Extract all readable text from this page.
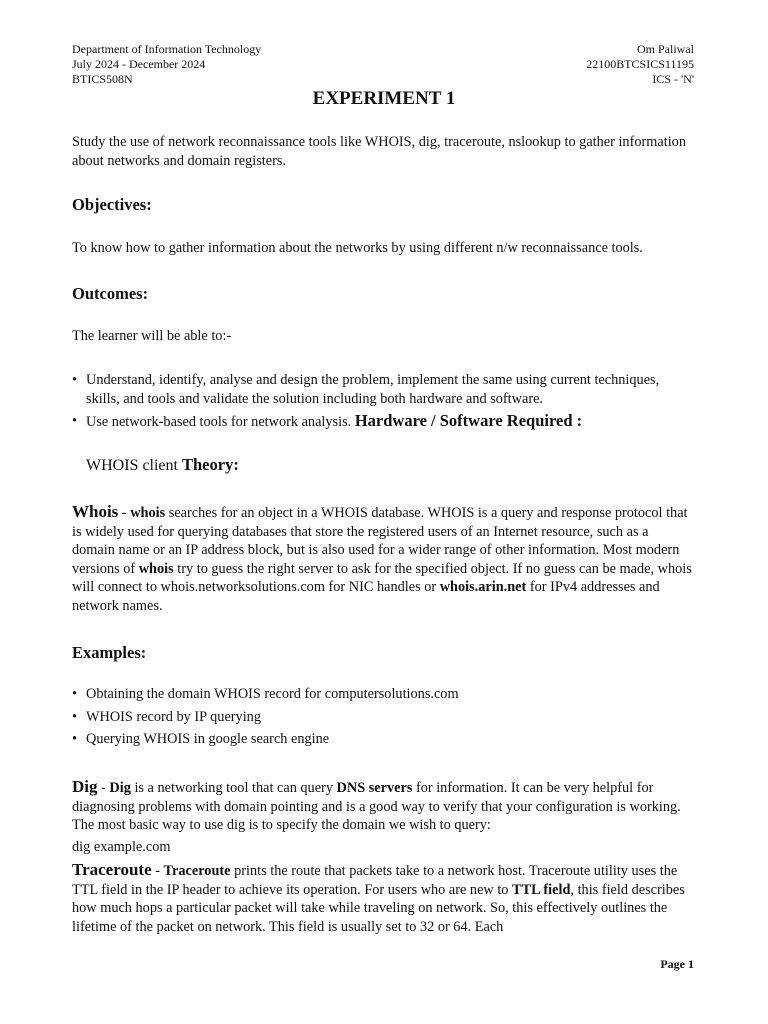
Department of Information Technology
July 2024 - December 2024
BTICS508N
Om Paliwal
22100BTCSICS11195
ICS - 'N'
EXPERIMENT 1
Study the use of network reconnaissance tools like WHOIS, dig, traceroute, nslookup to gather information about networks and domain registers.
Objectives:
To know how to gather information about the networks by using different n/w reconnaissance tools.
Outcomes:
The learner will be able to:-
• Understand, identify, analyse and design the problem, implement the same using current techniques, skills, and tools and validate the solution including both hardware and software.
• Use network-based tools for network analysis. Hardware / Software Required :
WHOIS client Theory:
Whois - whois searches for an object in a WHOIS database. WHOIS is a query and response protocol that is widely used for querying databases that store the registered users of an Internet resource, such as a domain name or an IP address block, but is also used for a wider range of other information. Most modern versions of whois try to guess the right server to ask for the specified object. If no guess can be made, whois will connect to whois.networksolutions.com for NIC handles or whois.arin.net for IPv4 addresses and network names.
Examples:
• Obtaining the domain WHOIS record for computersolutions.com
• WHOIS record by IP querying
• Querying WHOIS in google search engine
Dig - Dig is a networking tool that can query DNS servers for information. It can be very helpful for diagnosing problems with domain pointing and is a good way to verify that your configuration is working. The most basic way to use dig is to specify the domain we wish to query:
dig example.com
Traceroute - Traceroute prints the route that packets take to a network host. Traceroute utility uses the TTL field in the IP header to achieve its operation. For users who are new to TTL field, this field describes how much hops a particular packet will take while traveling on network. So, this effectively outlines the lifetime of the packet on network. This field is usually set to 32 or 64. Each
Page 1
